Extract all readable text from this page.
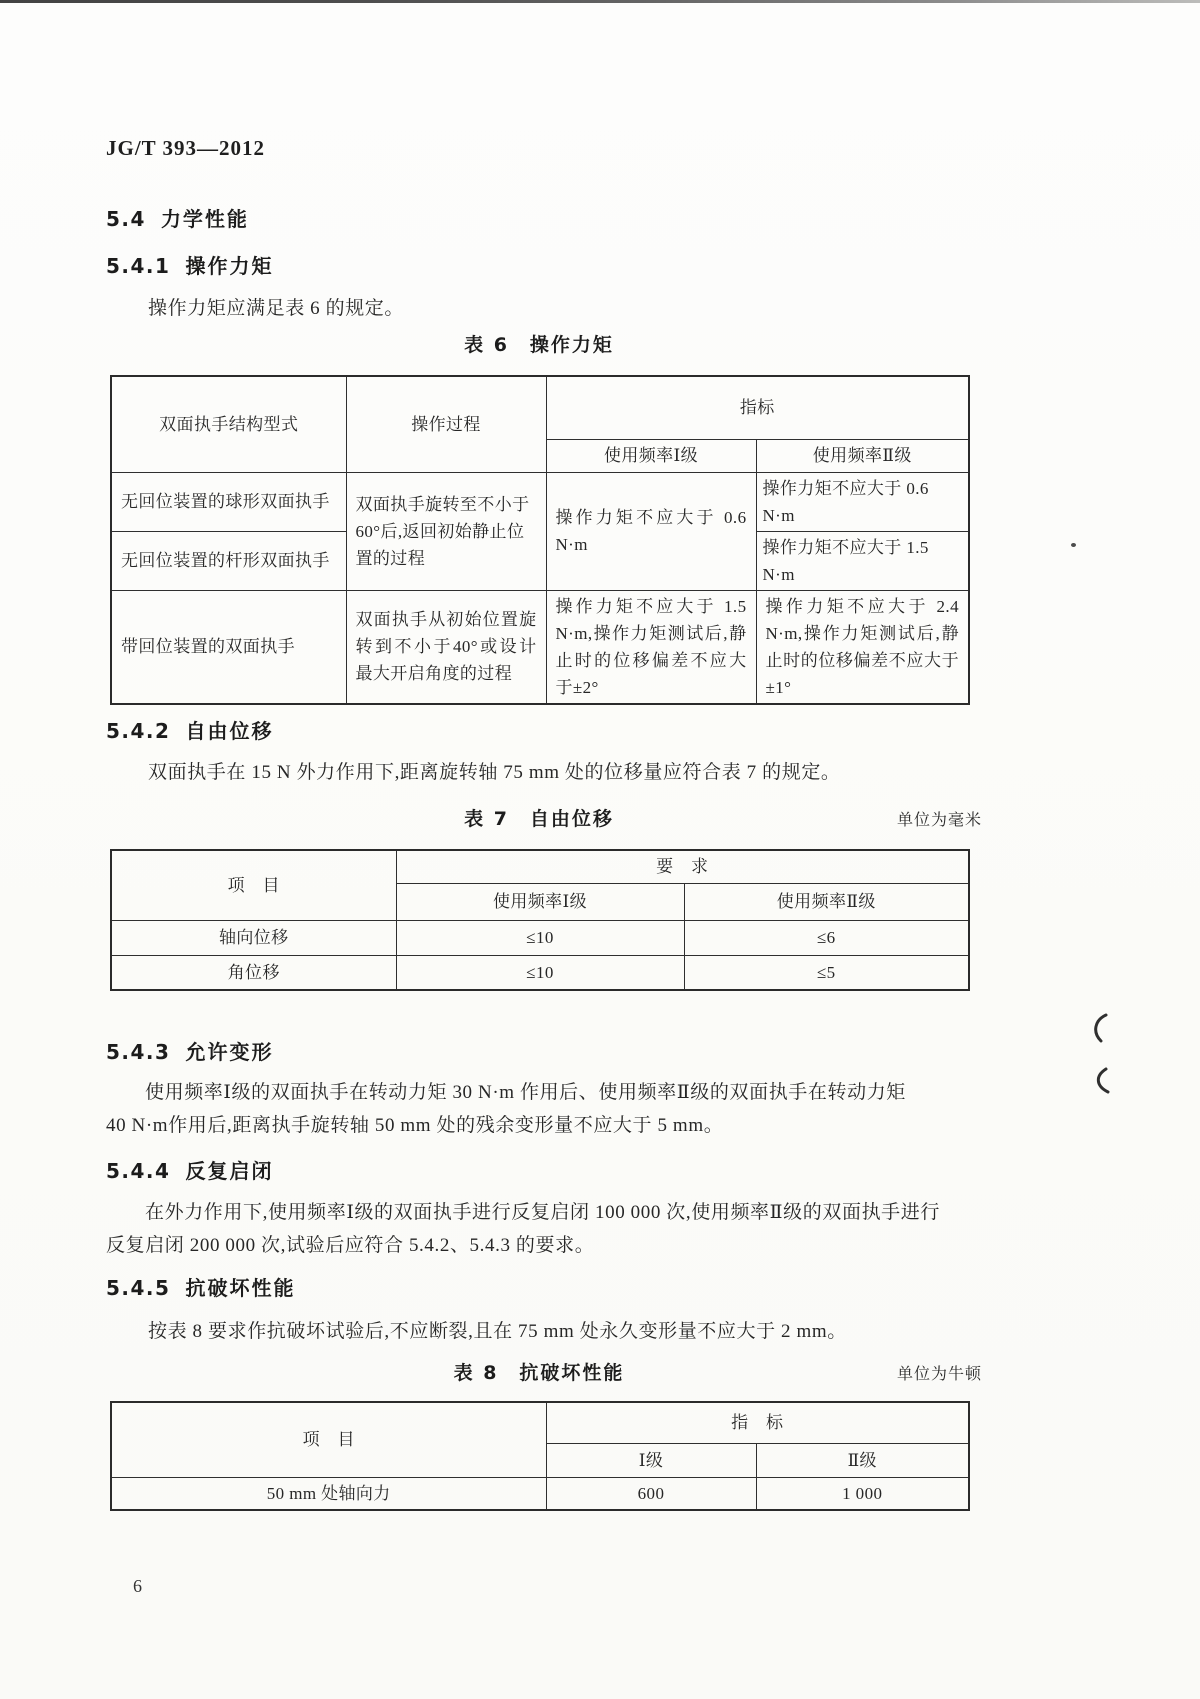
JG/T 393—2012
5.4 力学性能
5.4.1 操作力矩
操作力矩应满足表 6 的规定。
表 6　操作力矩
双面执手结构型式	操作过程	指标	
		使用频率Ⅰ级	使用频率Ⅱ级
无回位装置的球形双面执手	双面执手旋转至不小于60°后,返回初始静止位置的过程	操作力矩不应大于 0.6 N·m	操作力矩不应大于 0.6 N·m
无回位装置的杆形双面执手			操作力矩不应大于 1.5 N·m
带回位装置的双面执手	双面执手从初始位置旋转到不小于40°或设计最大开启角度的过程	操作力矩不应大于 1.5 N·m,操作力矩测试后,静止时的位移偏差不应大于±2°	操作力矩不应大于 2.4 N·m,操作力矩测试后,静止时的位移偏差不应大于±1°
5.4.2 自由位移
双面执手在 15 N 外力作用下,距离旋转轴 75 mm 处的位移量应符合表 7 的规定。
表 7　自由位移	单位为毫米
项　目	要　求	
	使用频率Ⅰ级	使用频率Ⅱ级
轴向位移	≤10	≤6
角位移	≤10	≤5
5.4.3 允许变形
使用频率Ⅰ级的双面执手在转动力矩 30 N·m 作用后、使用频率Ⅱ级的双面执手在转动力矩
40 N·m作用后,距离执手旋转轴 50 mm 处的残余变形量不应大于 5 mm。
5.4.4 反复启闭
在外力作用下,使用频率Ⅰ级的双面执手进行反复启闭 100 000 次,使用频率Ⅱ级的双面执手进行
反复启闭 200 000 次,试验后应符合 5.4.2、5.4.3 的要求。
5.4.5 抗破坏性能
按表 8 要求作抗破坏试验后,不应断裂,且在 75 mm 处永久变形量不应大于 2 mm。
表 8　抗破坏性能	单位为牛顿
项　目	指　标	
	Ⅰ级	Ⅱ级
50 mm 处轴向力	600	1 000
6
